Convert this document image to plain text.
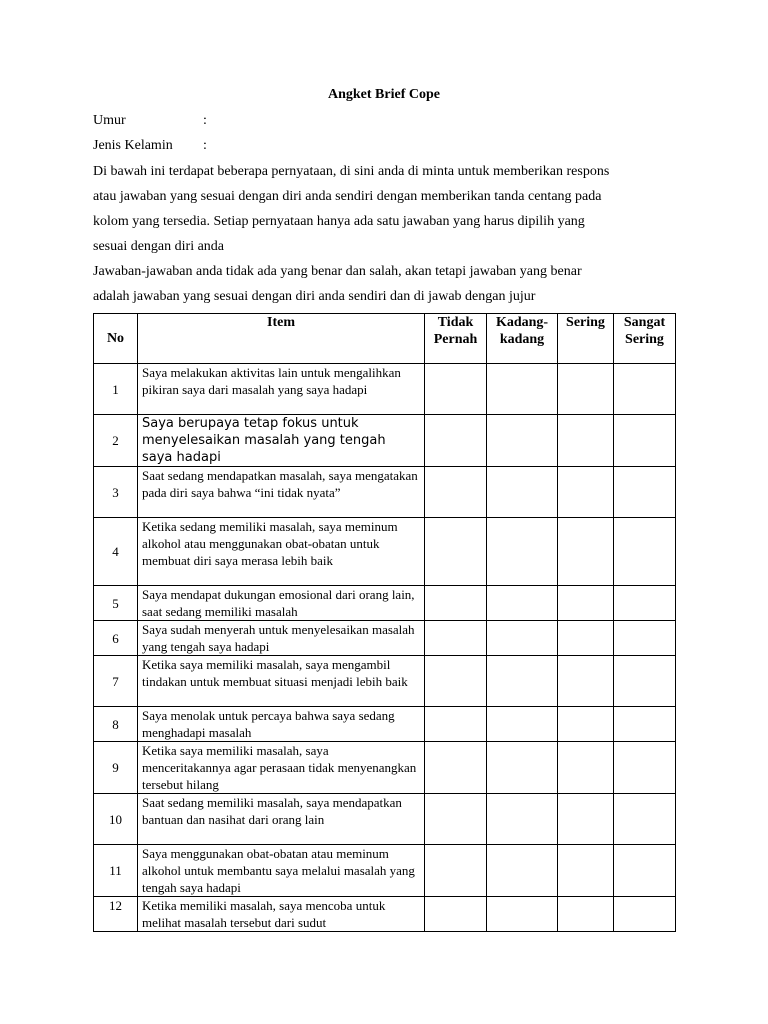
Angket Brief Cope
Umur	:
Jenis Kelamin :
Di bawah ini terdapat beberapa pernyataan, di sini anda di minta untuk memberikan respons
atau jawaban yang sesuai dengan diri anda sendiri dengan memberikan tanda centang pada
kolom yang tersedia. Setiap pernyataan hanya ada satu jawaban yang harus dipilih yang
sesuai dengan diri anda
Jawaban-jawaban anda tidak ada yang benar dan salah, akan tetapi jawaban yang benar
adalah jawaban yang sesuai dengan diri anda sendiri dan di jawab dengan jujur
No	Item	Tidak Pernah	Kadang-kadang	Sering	Sangat Sering
1	Saya melakukan aktivitas lain untuk mengalihkan pikiran saya dari masalah yang saya hadapi				
2	Saya berupaya tetap fokus untuk menyelesaikan masalah yang tengah saya hadapi				
3	Saat sedang mendapatkan masalah, saya mengatakan pada diri saya bahwa “ini tidak nyata”				
4	Ketika sedang memiliki masalah, saya meminum alkohol atau menggunakan obat-obatan untuk membuat diri saya merasa lebih baik				
5	Saya mendapat dukungan emosional dari orang lain, saat sedang memiliki masalah				
6	Saya sudah menyerah untuk menyelesaikan masalah yang tengah saya hadapi				
7	Ketika saya memiliki masalah, saya mengambil tindakan untuk membuat situasi menjadi lebih baik				
8	Saya menolak untuk percaya bahwa saya sedang menghadapi masalah				
9	Ketika saya memiliki masalah, saya menceritakannya agar perasaan tidak menyenangkan tersebut hilang				
10	Saat sedang memiliki masalah, saya mendapatkan bantuan dan nasihat dari orang lain				
11	Saya menggunakan obat-obatan atau meminum alkohol untuk membantu saya melalui masalah yang tengah saya hadapi				
12	Ketika memiliki masalah, saya mencoba untuk melihat masalah tersebut dari sudut				
